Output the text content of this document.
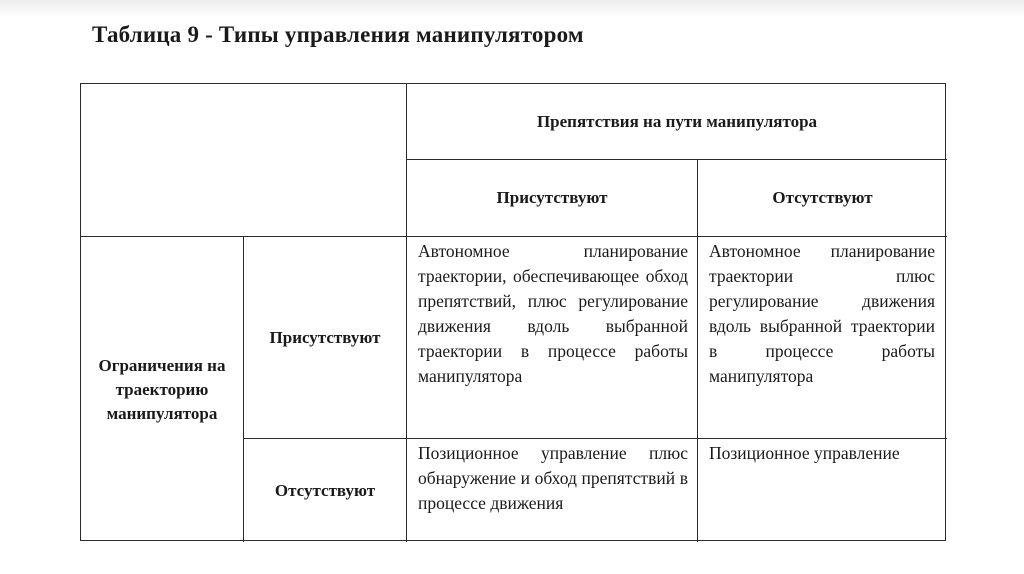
Таблица 9 - Типы управления манипулятором
Препятствия на пути манипулятора
Присутствуют	Отсутствуют
Ограничения на траекторию манипулятора
Присутствуют
Автономное планирование траектории, обеспечивающее обход препятствий, плюс регулирование движения вдоль выбранной траектории в процессе работы манипулятора
Автономное планирование траектории плюс регулирование движения вдоль выбранной траектории в процессе работы манипулятора
Отсутствуют
Позиционное управление плюс обнаружение и обход препятствий в процессе движения
Позиционное управление
